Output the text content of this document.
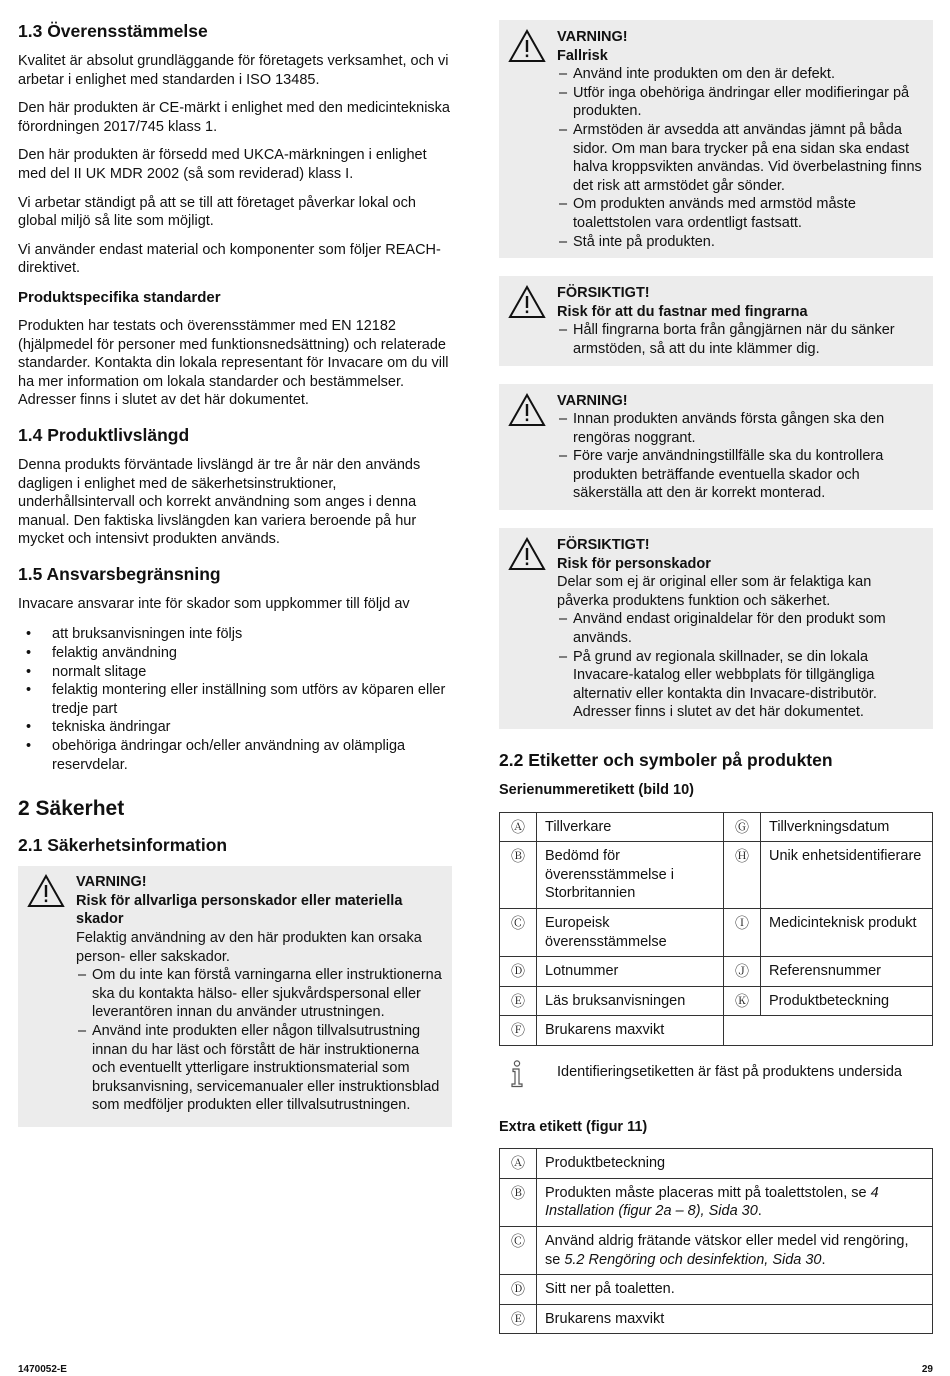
1.3 Överensstämmelse

Kvalitet är absolut grundläggande för företagets verksamhet, och vi arbetar i enlighet med standarden i ISO 13485.

Den här produkten är CE-märkt i enlighet med den medicintekniska förordningen 2017/745 klass 1.

Den här produkten är försedd med UKCA-märkningen i enlighet med del II UK MDR 2002 (så som reviderad) klass I.

Vi arbetar ständigt på att se till att företaget påverkar lokal och global miljö så lite som möjligt.

Vi använder endast material och komponenter som följer REACH-direktivet.

Produktspecifika standarder

Produkten har testats och överensstämmer med EN 12182 (hjälpmedel för personer med funktionsnedsättning) och relaterade standarder. Kontakta din lokala representant för Invacare om du vill ha mer information om lokala standarder och bestämmelser. Adresser finns i slutet av det här dokumentet.

1.4 Produktlivslängd

Denna produkts förväntade livslängd är tre år när den används dagligen i enlighet med de säkerhetsinstruktioner, underhållsintervall och korrekt användning som anges i denna manual. Den faktiska livslängden kan variera beroende på hur mycket och intensivt produkten används.

1.5 Ansvarsbegränsning

Invacare ansvarar inte för skador som uppkommer till följd av

• att bruksanvisningen inte följs
• felaktig användning
• normalt slitage
• felaktig montering eller inställning som utförs av köparen eller tredje part
• tekniska ändringar
• obehöriga ändringar och/eller användning av olämpliga reservdelar.
2 Säkerhet
2.1 Säkerhetsinformation
VARNING!
Risk för allvarliga personskador eller materiella skador
Felaktig användning av den här produkten kan orsaka person- eller sakskador.
– Om du inte kan förstå varningarna eller instruktionerna ska du kontakta hälso- eller sjukvårdspersonal eller leverantören innan du använder utrustningen.
– Använd inte produkten eller någon tillvalsutrustning innan du har läst och förstått de här instruktionerna och eventuellt ytterligare instruktionsmaterial som bruksanvisning, servicemanualer eller instruktionsblad som medföljer produkten eller tillvalsutrustningen.
VARNING!
Fallrisk
– Använd inte produkten om den är defekt.
– Utför inga obehöriga ändringar eller modifieringar på produkten.
– Armstöden är avsedda att användas jämnt på båda sidor. Om man bara trycker på ena sidan ska endast halva kroppsvikten användas. Vid överbelastning finns det risk att armstödet går sönder.
– Om produkten används med armstöd måste toalettstolen vara ordentligt fastsatt.
– Stå inte på produkten.
FÖRSIKTIGT!
Risk för att du fastnar med fingrarna
– Håll fingrarna borta från gångjärnen när du sänker armstöden, så att du inte klämmer dig.
VARNING!
– Innan produkten används första gången ska den rengöras noggrant.
– Före varje användningstillfälle ska du kontrollera produkten beträffande eventuella skador och säkerställa att den är korrekt monterad.
FÖRSIKTIGT!
Risk för personskador
Delar som ej är original eller som är felaktiga kan påverka produktens funktion och säkerhet.
– Använd endast originaldelar för den produkt som används.
– På grund av regionala skillnader, se din lokala Invacare-katalog eller webbplats för tillgängliga alternativ eller kontakta din Invacare-distributör. Adresser finns i slutet av det här dokumentet.
2.2 Etiketter och symboler på produkten
Serienummeretikett (bild 10)
Ⓐ	Tillverkare	Ⓖ	Tillverkningsdatum
Ⓑ	Bedömd för överensstämmelse i Storbritannien	Ⓗ	Unik enhetsidentifierare
Ⓒ	Europeisk överensstämmelse	Ⓘ	Medicinteknisk produkt
Ⓓ	Lotnummer	Ⓙ	Referensnummer
Ⓔ	Läs bruksanvisningen	Ⓚ	Produktbeteckning
Ⓕ	Brukarens maxvikt		
Identifieringsetiketten är fäst på produktens undersida
Extra etikett (figur 11)
Ⓐ	Produktbeteckning
Ⓑ	Produkten måste placeras mitt på toalettstolen, se 4 Installation (figur 2a – 8), Sida 30.
Ⓒ	Använd aldrig frätande vätskor eller medel vid rengöring, se 5.2 Rengöring och desinfektion, Sida 30.
Ⓓ	Sitt ner på toaletten.
Ⓔ	Brukarens maxvikt
1470052-E	29
